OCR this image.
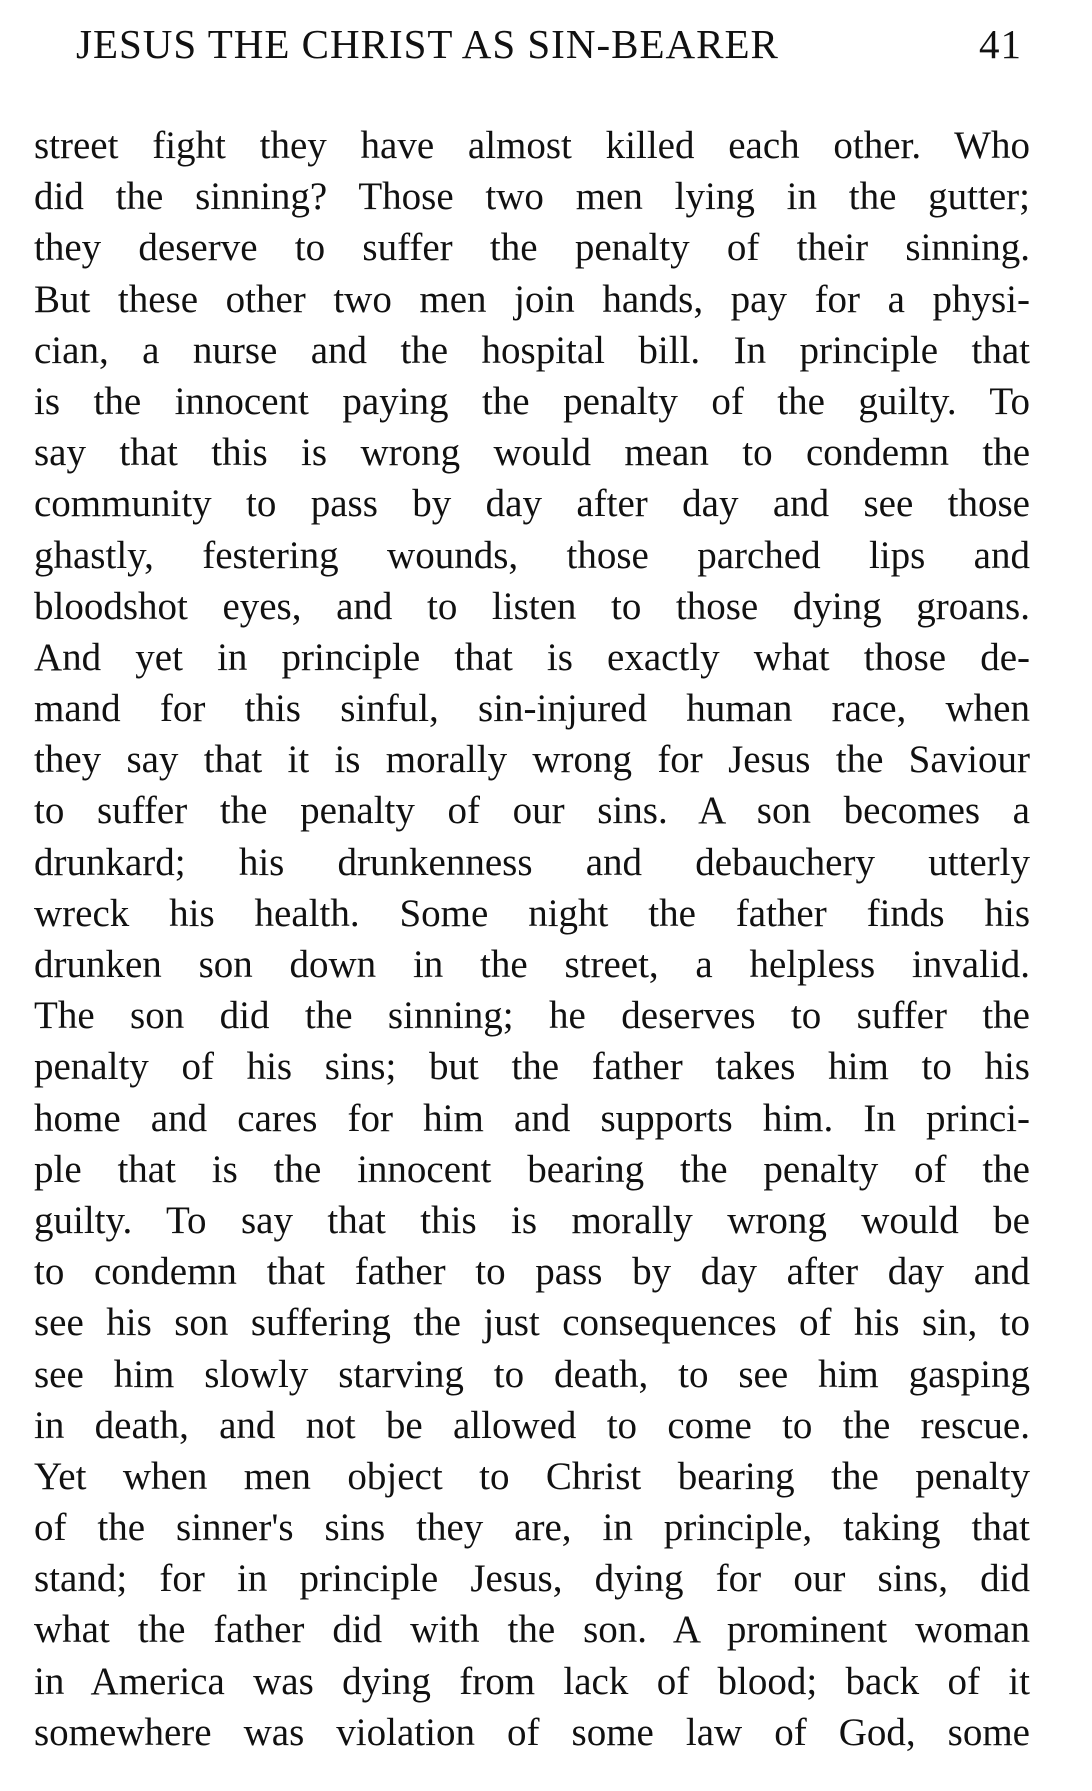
JESUS THE CHRIST AS SIN-BEARER	41
street fight they have almost killed each other. Who
did the sinning? Those two men lying in the gutter;
they deserve to suffer the penalty of their sinning.
But these other two men join hands, pay for a physi-
cian, a nurse and the hospital bill. In principle that
is the innocent paying the penalty of the guilty. To
say that this is wrong would mean to condemn the
community to pass by day after day and see those
ghastly, festering wounds, those parched lips and
bloodshot eyes, and to listen to those dying groans.
And yet in principle that is exactly what those de-
mand for this sinful, sin-injured human race, when
they say that it is morally wrong for Jesus the Saviour
to suffer the penalty of our sins. A son becomes a
drunkard; his drunkenness and debauchery utterly
wreck his health. Some night the father finds his
drunken son down in the street, a helpless invalid.
The son did the sinning; he deserves to suffer the
penalty of his sins; but the father takes him to his
home and cares for him and supports him. In princi-
ple that is the innocent bearing the penalty of the
guilty. To say that this is morally wrong would be
to condemn that father to pass by day after day and
see his son suffering the just consequences of his sin, to
see him slowly starving to death, to see him gasping
in death, and not be allowed to come to the rescue.
Yet when men object to Christ bearing the penalty
of the sinner's sins they are, in principle, taking that
stand; for in principle Jesus, dying for our sins, did
what the father did with the son. A prominent woman
in America was dying from lack of blood; back of it
somewhere was violation of some law of God, some
